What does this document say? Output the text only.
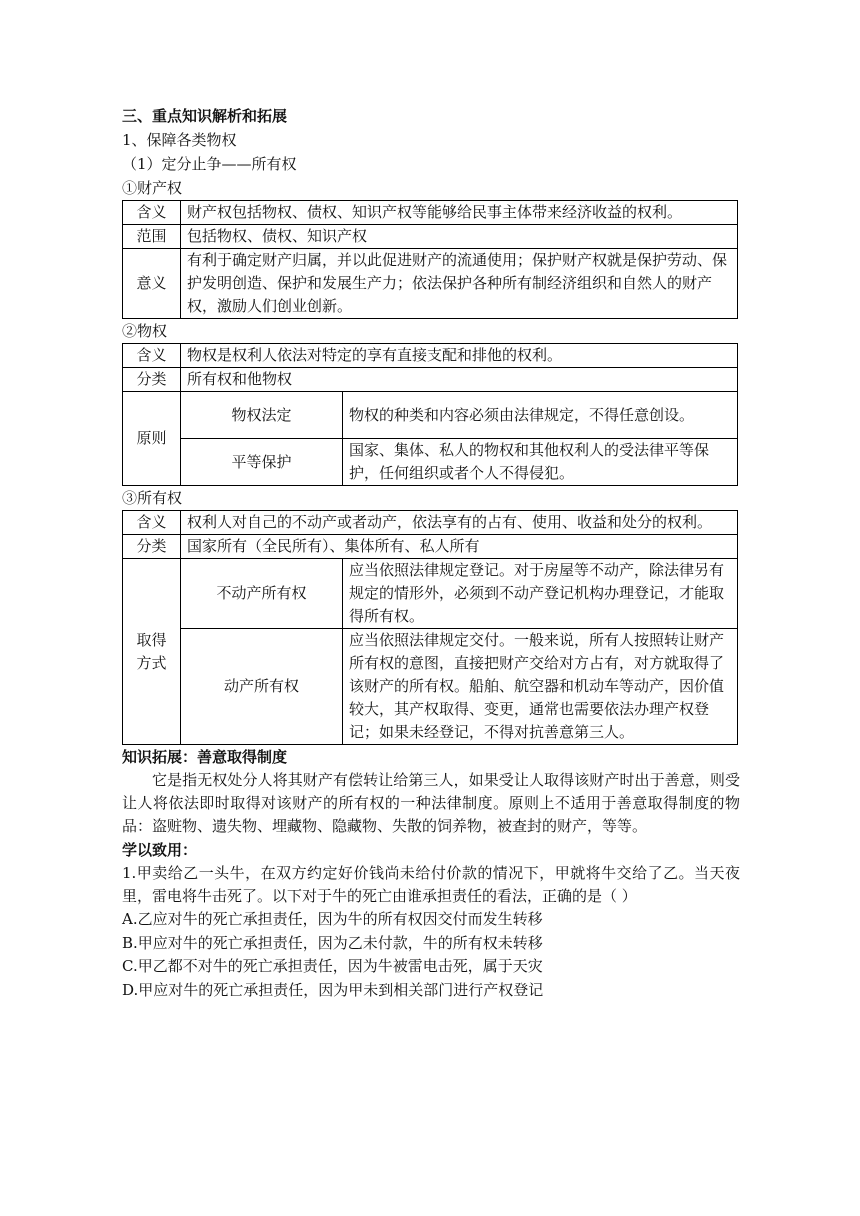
三、重点知识解析和拓展
1、保障各类物权
（1）定分止争——所有权
①财产权
含义	财产权包括物权、债权、知识产权等能够给民事主体带来经济收益的权利。
范围	包括物权、债权、知识产权
意义	有利于确定财产归属，并以此促进财产的流通使用；保护财产权就是保护劳动、保护发明创造、保护和发展生产力；依法保护各种所有制经济组织和自然人的财产权，激励人们创业创新。
②物权
含义	物权是权利人依法对特定的享有直接支配和排他的权利。	
分类	所有权和他物权	
原则	物权法定	物权的种类和内容必须由法律规定，不得任意创设。
	平等保护	国家、集体、私人的物权和其他权利人的受法律平等保护，任何组织或者个人不得侵犯。
③所有权
含义	权利人对自己的不动产或者动产，依法享有的占有、使用、收益和处分的权利。	
分类	国家所有（全民所有）、集体所有、私人所有	
取得方式	不动产所有权	应当依照法律规定登记。对于房屋等不动产，除法律另有规定的情形外，必须到不动产登记机构办理登记，才能取得所有权。
	动产所有权	应当依照法律规定交付。一般来说，所有人按照转让财产所有权的意图，直接把财产交给对方占有，对方就取得了该财产的所有权。船舶、航空器和机动车等动产，因价值较大，其产权取得、变更，通常也需要依法办理产权登记；如果未经登记，不得对抗善意第三人。
知识拓展：善意取得制度
它是指无权处分人将其财产有偿转让给第三人，如果受让人取得该财产时出于善意，则受让人将依法即时取得对该财产的所有权的一种法律制度。原则上不适用于善意取得制度的物品：盗赃物、遗失物、埋藏物、隐藏物、失散的饲养物，被查封的财产，等等。
学以致用：
1.甲卖给乙一头牛，在双方约定好价钱尚未给付价款的情况下，甲就将牛交给了乙。当天夜里，雷电将牛击死了。以下对于牛的死亡由谁承担责任的看法，正确的是（ ）
A.乙应对牛的死亡承担责任，因为牛的所有权因交付而发生转移
B.甲应对牛的死亡承担责任，因为乙未付款，牛的所有权未转移
C.甲乙都不对牛的死亡承担责任，因为牛被雷电击死，属于天灾
D.甲应对牛的死亡承担责任，因为甲未到相关部门进行产权登记
